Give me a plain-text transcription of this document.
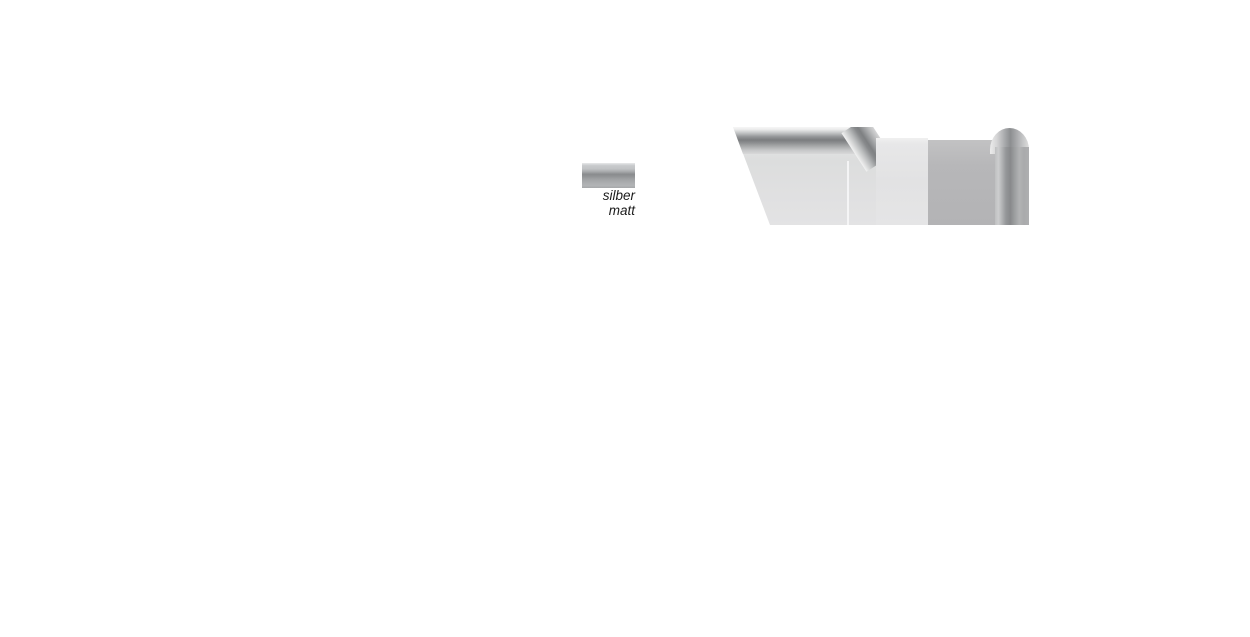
silber
matt
